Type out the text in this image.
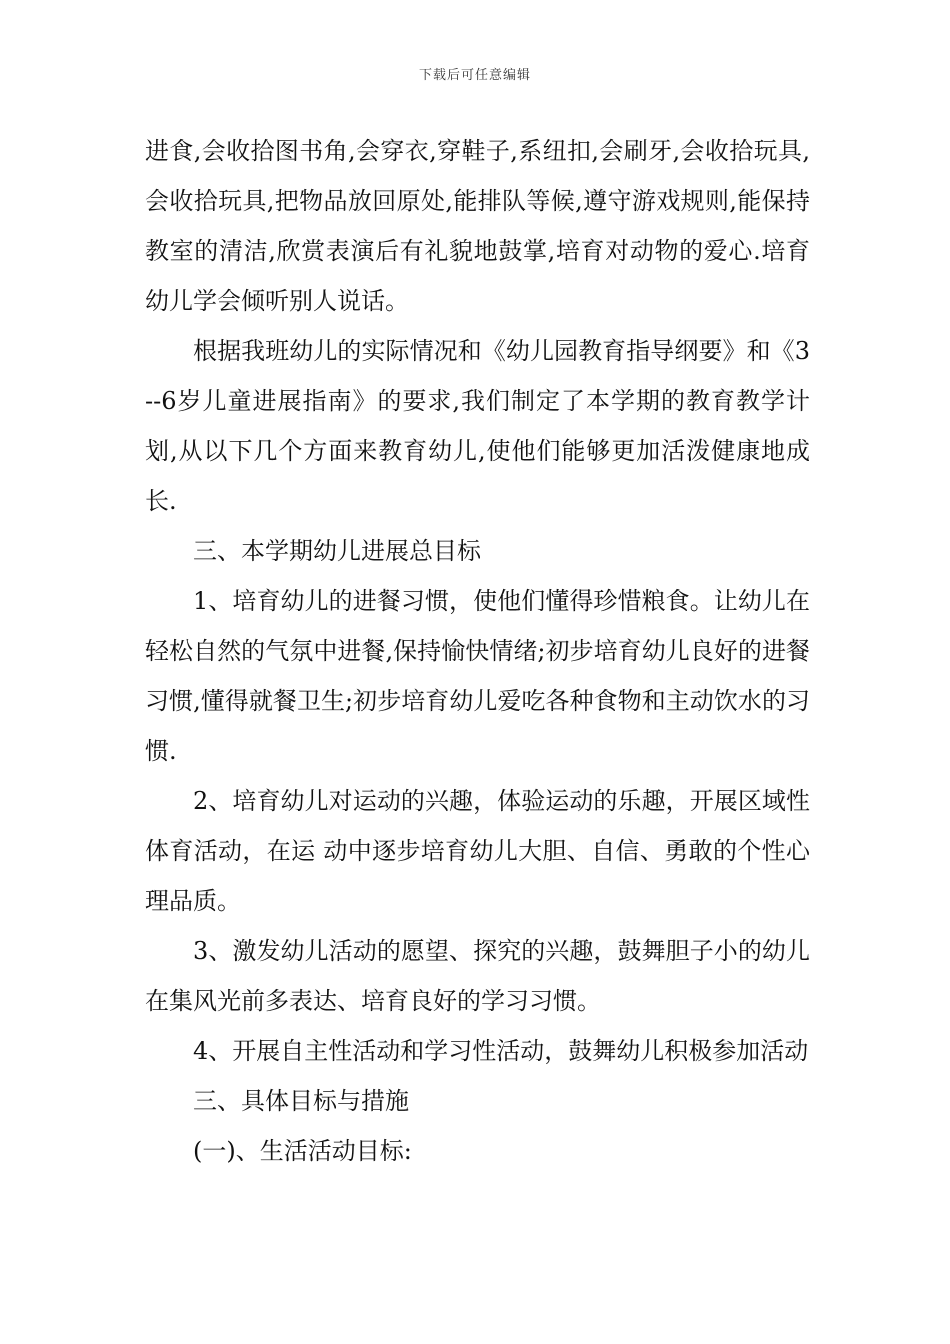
下载后可任意编辑

进食,会收拾图书角,会穿衣,穿鞋子,系纽扣,会刷牙,会收拾玩具,会收拾玩具,把物品放回原处,能排队等候,遵守游戏规则,能保持教室的清洁,欣赏表演后有礼貌地鼓掌,培育对动物的爱心.培育幼儿学会倾听别人说话。

根据我班幼儿的实际情况和《幼儿园教育指导纲要》和《3--6岁儿童进展指南》的要求,我们制定了本学期的教育教学计划,从以下几个方面来教育幼儿,使他们能够更加活泼健康地成长.

三、本学期幼儿进展总目标

1、培育幼儿的进餐习惯，使他们懂得珍惜粮食。让幼儿在轻松自然的气氛中进餐,保持愉快情绪;初步培育幼儿良好的进餐习惯,懂得就餐卫生;初步培育幼儿爱吃各种食物和主动饮水的习惯.

2、培育幼儿对运动的兴趣，体验运动的乐趣，开展区域性体育活动，在运 动中逐步培育幼儿大胆、自信、勇敢的个性心理品质。

3、激发幼儿活动的愿望、探究的兴趣，鼓舞胆子小的幼儿在集风光前多表达、培育良好的学习习惯。

4、开展自主性活动和学习性活动，鼓舞幼儿积极参加活动

三、具体目标与措施

(一)、生活活动目标:
